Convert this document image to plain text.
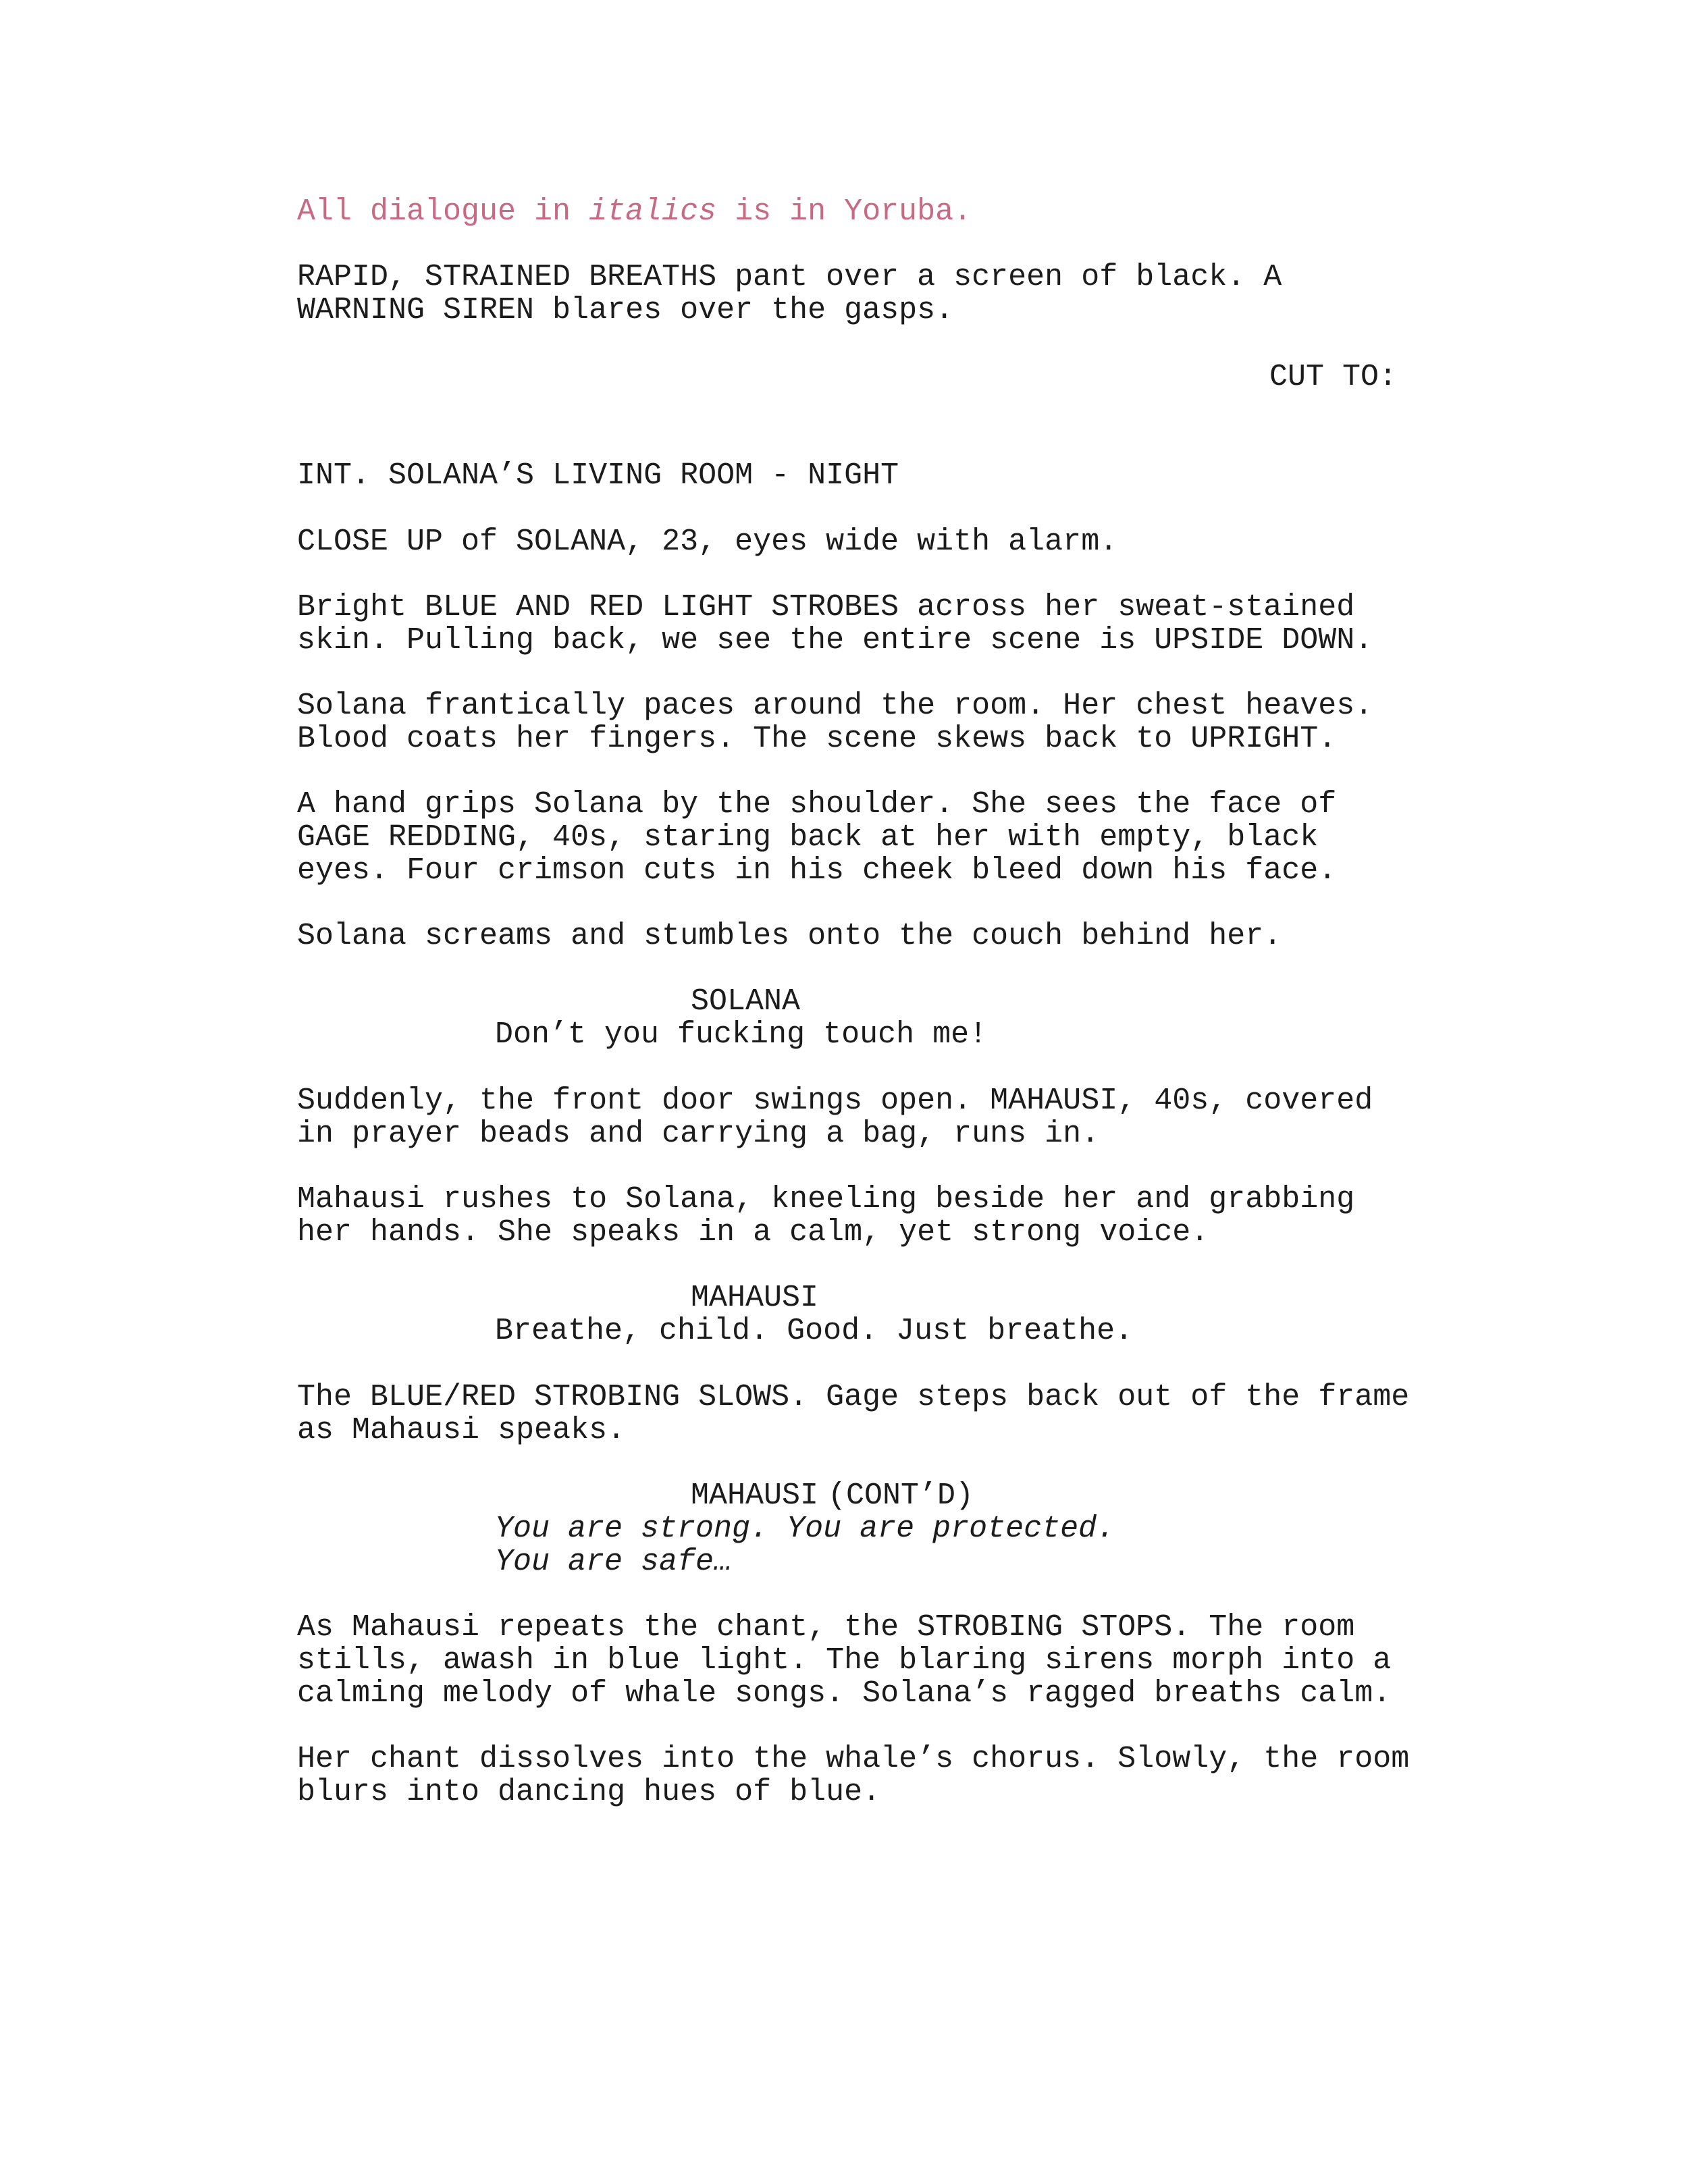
All dialogue in italics is in Yoruba.

RAPID, STRAINED BREATHS pant over a screen of black. A
WARNING SIREN blares over the gasps.

CUT TO:

INT. SOLANA’S LIVING ROOM - NIGHT

CLOSE UP of SOLANA, 23, eyes wide with alarm.

Bright BLUE AND RED LIGHT STROBES across her sweat-stained
skin. Pulling back, we see the entire scene is UPSIDE DOWN.

Solana frantically paces around the room. Her chest heaves.
Blood coats her fingers. The scene skews back to UPRIGHT.

A hand grips Solana by the shoulder. She sees the face of
GAGE REDDING, 40s, staring back at her with empty, black
eyes. Four crimson cuts in his cheek bleed down his face.

Solana screams and stumbles onto the couch behind her.

SOLANA

Don’t you fucking touch me!

Suddenly, the front door swings open. MAHAUSI, 40s, covered
in prayer beads and carrying a bag, runs in.

Mahausi rushes to Solana, kneeling beside her and grabbing
her hands. She speaks in a calm, yet strong voice.

MAHAUSI

Breathe, child. Good. Just breathe.

The BLUE/RED STROBING SLOWS. Gage steps back out of the frame
as Mahausi speaks.

MAHAUSI (CONT’D)

You are strong. You are protected.
You are safe…

As Mahausi repeats the chant, the STROBING STOPS. The room
stills, awash in blue light. The blaring sirens morph into a
calming melody of whale songs. Solana’s ragged breaths calm.

Her chant dissolves into the whale’s chorus. Slowly, the room
blurs into dancing hues of blue.
